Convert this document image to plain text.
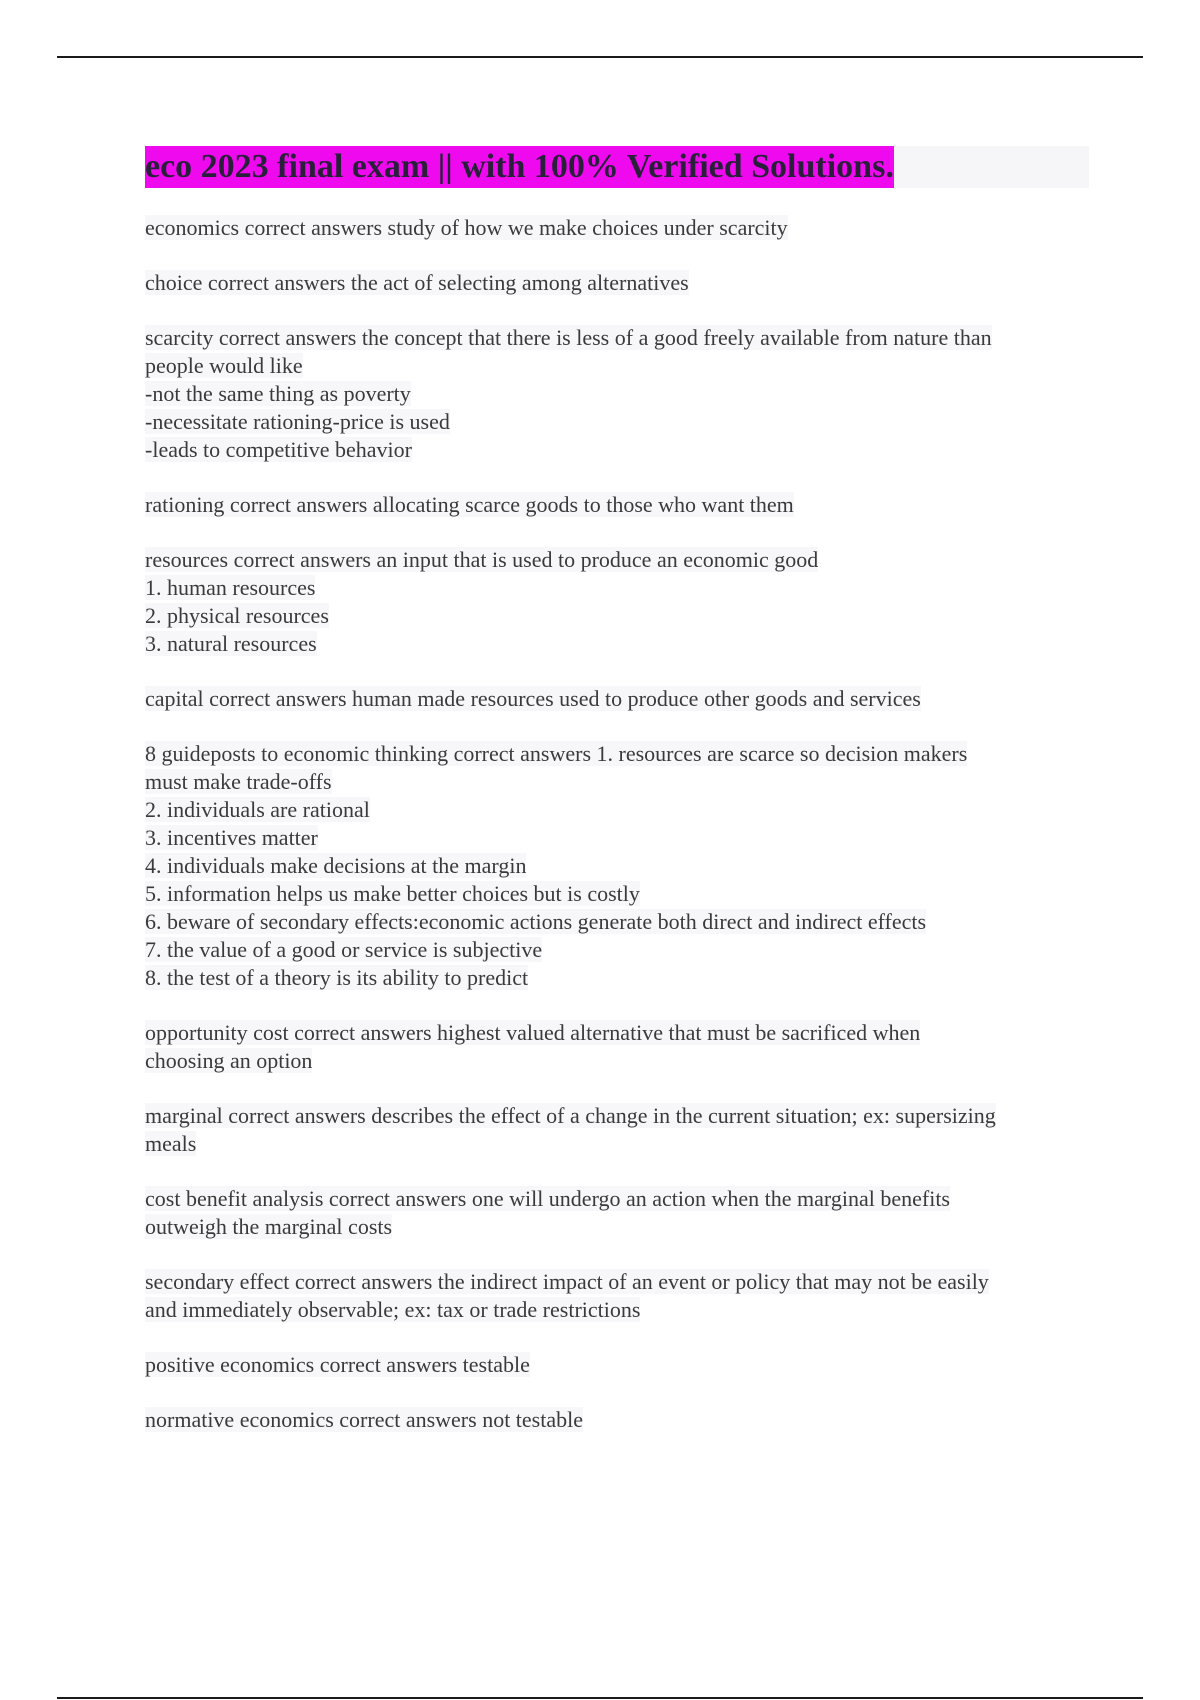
eco 2023 final exam || with 100% Verified Solutions.
economics correct answers study of how we make choices under scarcity
choice correct answers the act of selecting among alternatives
scarcity correct answers the concept that there is less of a good freely available from nature than
people would like
-not the same thing as poverty
-necessitate rationing-price is used
-leads to competitive behavior
rationing correct answers allocating scarce goods to those who want them
resources correct answers an input that is used to produce an economic good
1. human resources
2. physical resources
3. natural resources
capital correct answers human made resources used to produce other goods and services
8 guideposts to economic thinking correct answers 1. resources are scarce so decision makers
must make trade-offs
2. individuals are rational
3. incentives matter
4. individuals make decisions at the margin
5. information helps us make better choices but is costly
6. beware of secondary effects:economic actions generate both direct and indirect effects
7. the value of a good or service is subjective
8. the test of a theory is its ability to predict
opportunity cost correct answers highest valued alternative that must be sacrificed when
choosing an option
marginal correct answers describes the effect of a change in the current situation; ex: supersizing
meals
cost benefit analysis correct answers one will undergo an action when the marginal benefits
outweigh the marginal costs
secondary effect correct answers the indirect impact of an event or policy that may not be easily
and immediately observable; ex: tax or trade restrictions
positive economics correct answers testable
normative economics correct answers not testable
